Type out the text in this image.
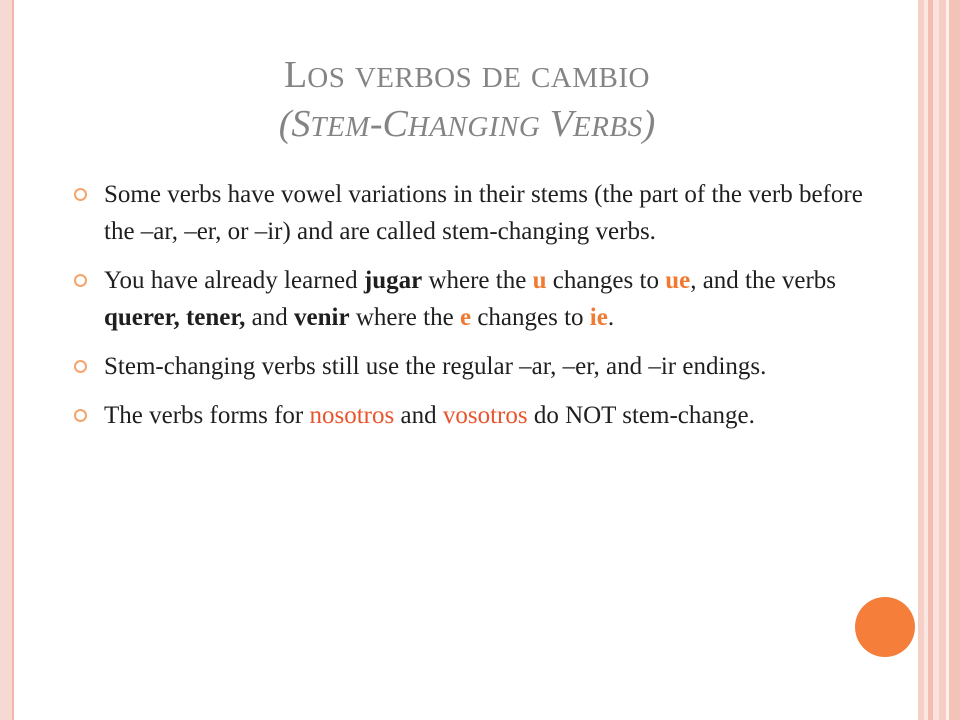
LOS VERBOS DE CAMBIO
(STEM-CHANGING VERBS)
Some verbs have vowel variations in their stems (the part of the verb before the –ar, –er, or –ir) and are called stem-changing verbs.
You have already learned jugar where the u changes to ue, and the verbs querer, tener, and venir where the e changes to ie.
Stem-changing verbs still use the regular –ar, –er, and –ir endings.
The verbs forms for nosotros and vosotros do NOT stem-change.
